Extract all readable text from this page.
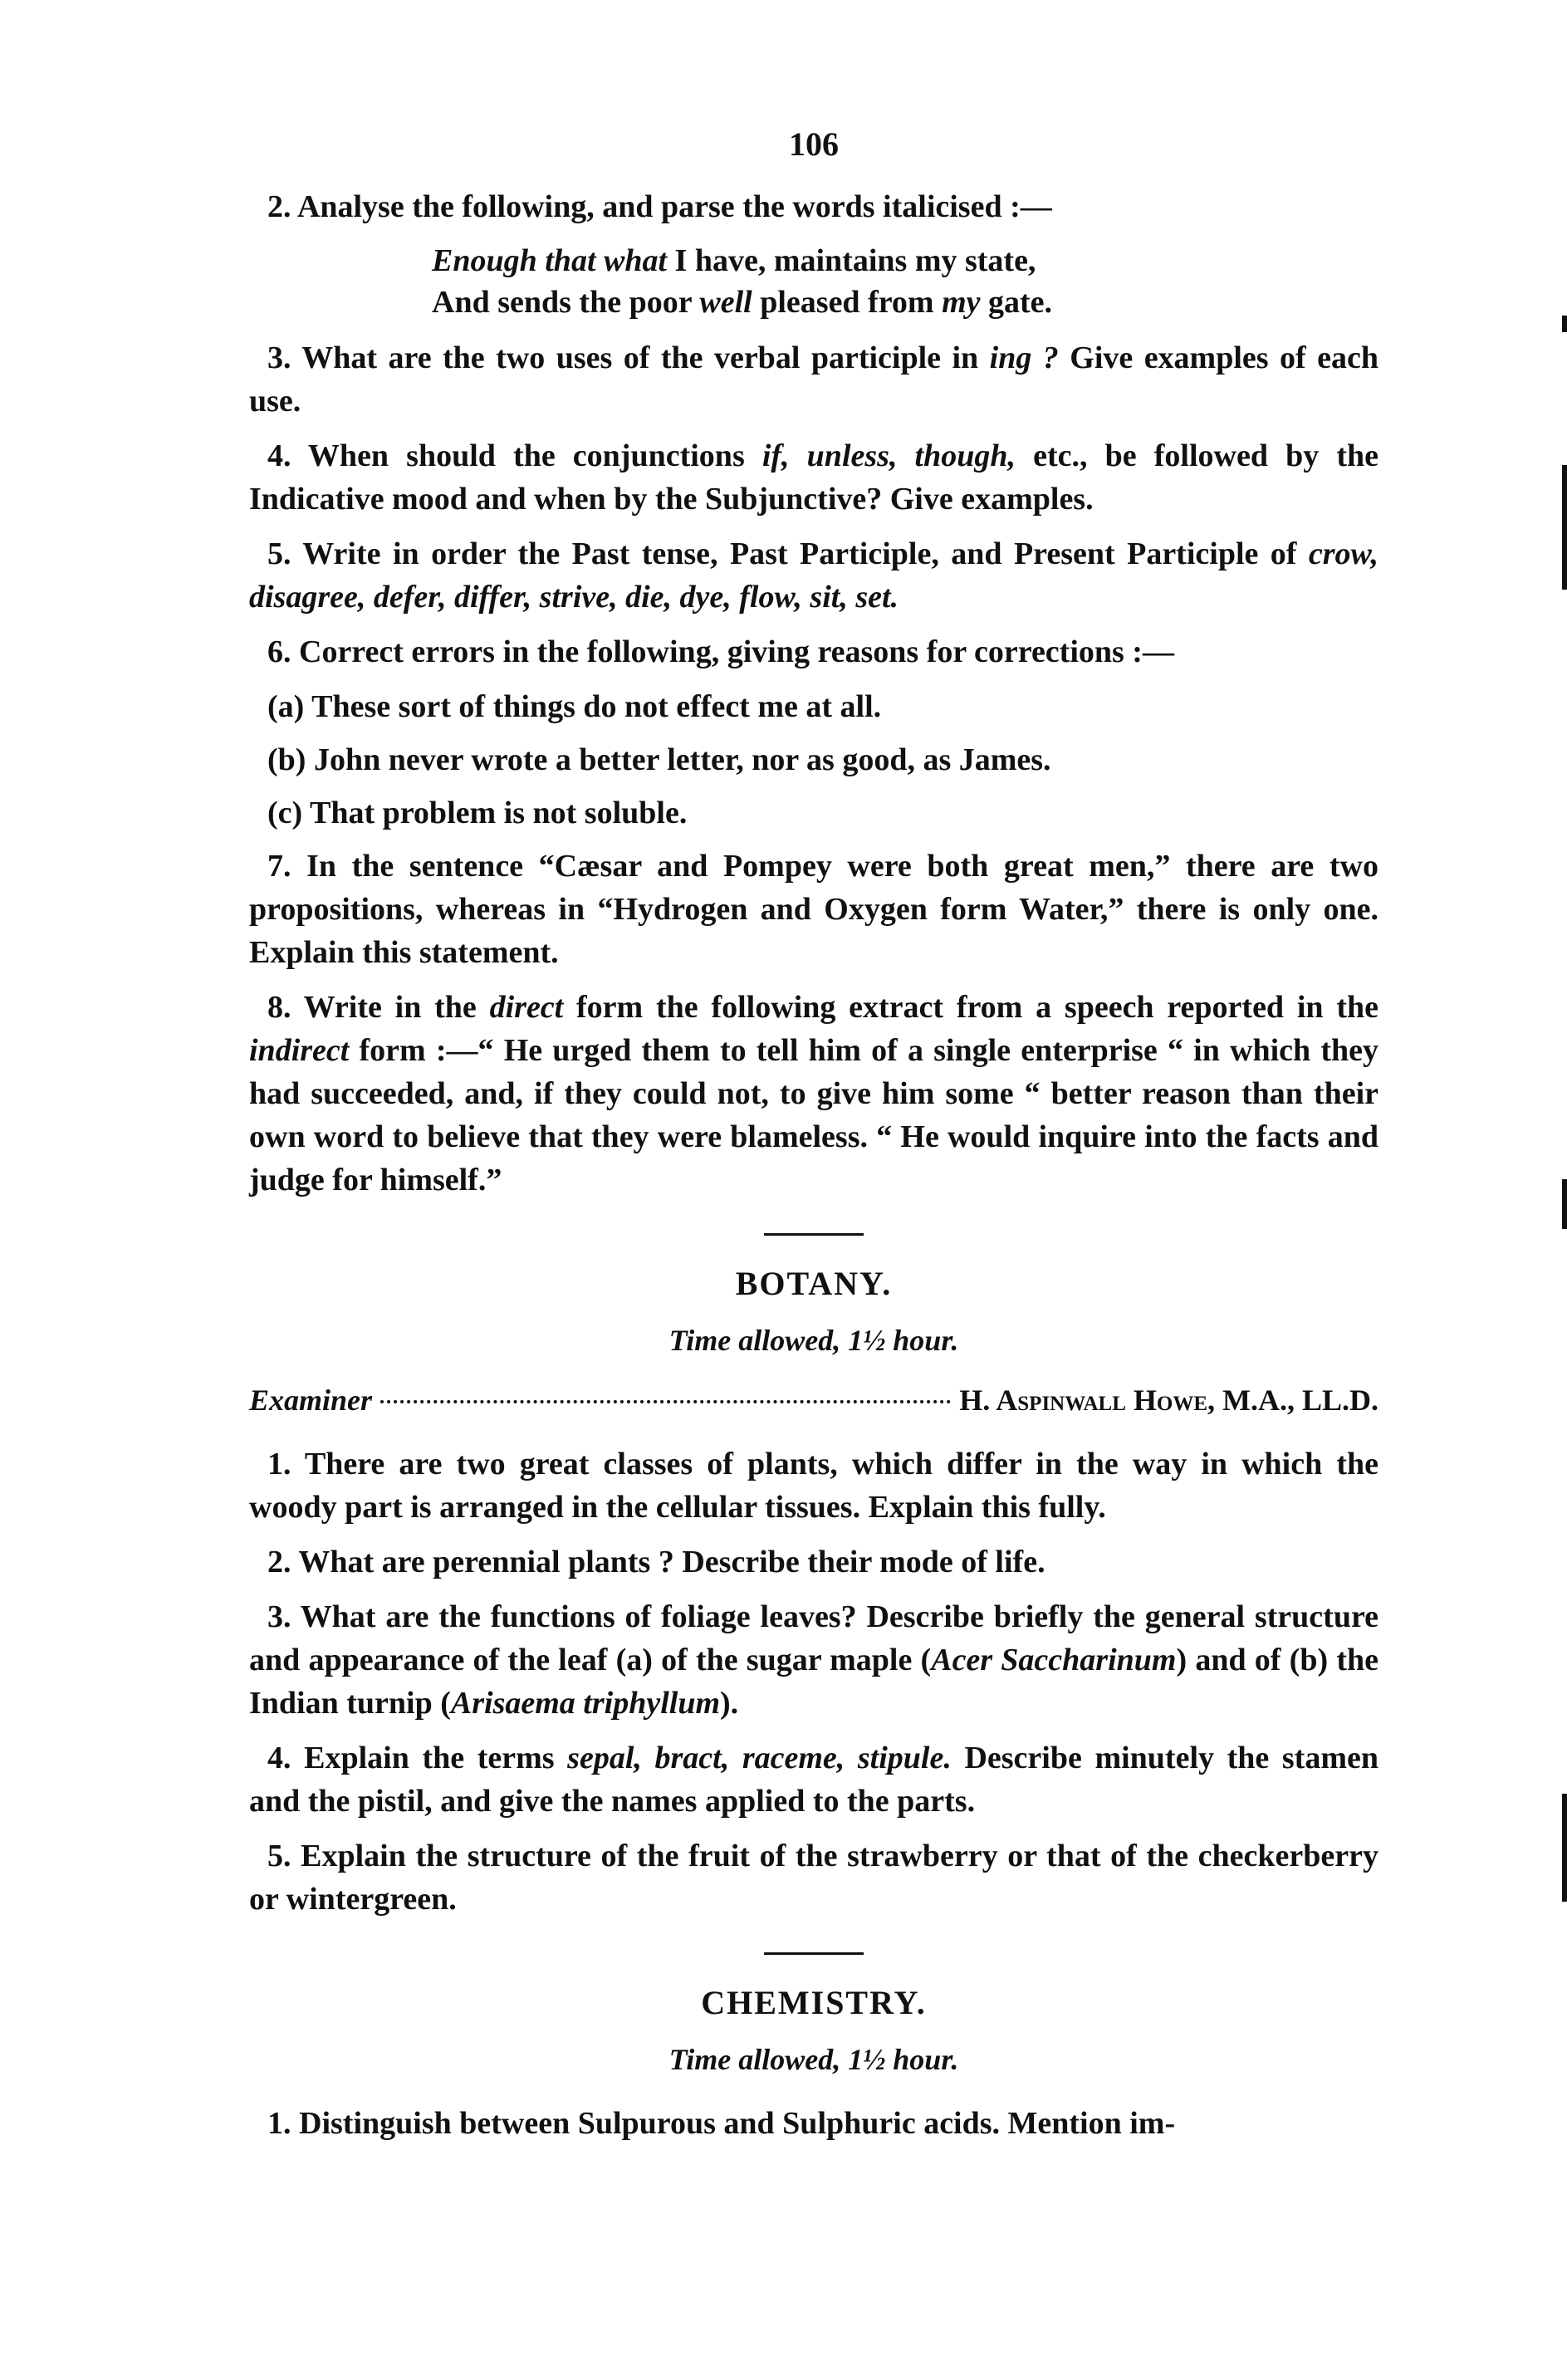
106

2. Analyse the following, and parse the words italicised :—

Enough that what I have, maintains my state,
And sends the poor well pleased from my gate.

3. What are the two uses of the verbal participle in ing ? Give examples of each use.

4. When should the conjunctions if, unless, though, etc., be followed by the Indicative mood and when by the Subjunctive? Give examples.

5. Write in order the Past tense, Past Participle, and Present Participle of crow, disagree, defer, differ, strive, die, dye, flow, sit, set.

6. Correct errors in the following, giving reasons for corrections :—

(a) These sort of things do not effect me at all.

(b) John never wrote a better letter, nor as good, as James.

(c) That problem is not soluble.

7. In the sentence “Cæsar and Pompey were both great men,” there are two propositions, whereas in “Hydrogen and Oxygen form Water,” there is only one. Explain this statement.

8. Write in the direct form the following extract from a speech reported in the indirect form :—“ He urged them to tell him of a single enterprise “ in which they had succeeded, and, if they could not, to give him some “ better reason than their own word to believe that they were blameless. “ He would inquire into the facts and judge for himself.”

BOTANY.
Time allowed, 1½ hour.
Examiner	H. Aspinwall Howe, M.A., LL.D.

1. There are two great classes of plants, which differ in the way in which the woody part is arranged in the cellular tissues. Explain this fully.

2. What are perennial plants ? Describe their mode of life.

3. What are the functions of foliage leaves? Describe briefly the general structure and appearance of the leaf (a) of the sugar maple (Acer Saccharinum) and of (b) the Indian turnip (Arisaema triphyllum).

4. Explain the terms sepal, bract, raceme, stipule. Describe minutely the stamen and the pistil, and give the names applied to the parts.

5. Explain the structure of the fruit of the strawberry or that of the checkerberry or wintergreen.

CHEMISTRY.
Time allowed, 1½ hour.

1. Distinguish between Sulpurous and Sulphuric acids. Mention im-
